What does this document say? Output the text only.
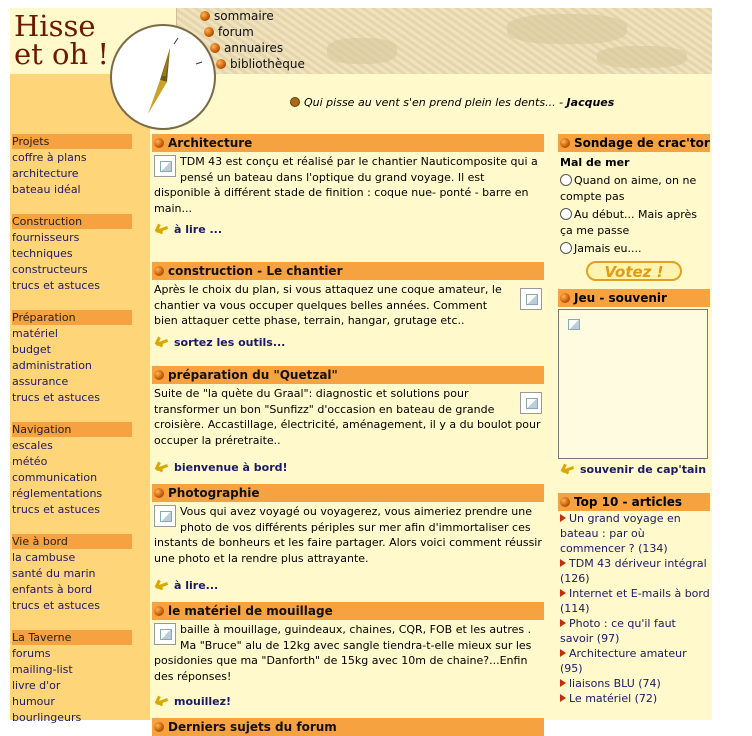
Projets
coffre à plans
architecture
bateau idéal
Construction
fournisseurs
techniques
constructeurs
trucs et astuces
Préparation
matériel
budget
administration
assurance
trucs et astuces
Navigation
escales
météo
communication
réglementations
trucs et astuces
Vie à bord
la cambuse
santé du marin
enfants à bord
trucs et astuces
La Taverne
forums
mailing-list
livre d'or
humour
bourlingeurs
Hisse
et oh !
sommaire
forum
annuaires
bibliothèque
Qui pisse au vent s'en prend plein les dents... - Jacques
Architecture
TDM 43 est conçu et réalisé par le chantier Nauticomposite qui a pensé un bateau dans l'optique du grand voyage. Il est disponible à différent stade de finition : coque nue- ponté - barre en main...
à lire ...
construction - Le chantier
Après le choix du plan, si vous attaquez une coque amateur, le chantier va vous occuper quelques belles années. Comment bien attaquer cette phase, terrain, hangar, grutage etc..
sortez les outils...
préparation du "Quetzal"
Suite de "la quète du Graal": diagnostic et solutions pour transformer un bon "Sunfizz" d'occasion en bateau de grande croisière. Accastillage, électricité, aménagement, il y a du boulot pour occuper la préretraite..
bienvenue à bord!
Photographie
Vous qui avez voyagé ou voyagerez, vous aimeriez prendre une photo de vos différents périples sur mer afin d'immortaliser ces instants de bonheurs et les faire partager. Alors voici comment réussir une photo et la rendre plus attrayante.
à lire...
le matériel de mouillage
baille à mouillage, guindeaux, chaines, CQR, FOB et les autres . Ma "Bruce" alu de 12kg avec sangle tiendra-t-elle mieux sur les posidonies que ma "Danforth" de 15kg avec 10m de chaine?...Enfin des réponses!
mouillez!
Derniers sujets du forum
Sondage de crac'tor
Mal de mer
Quand on aime, on ne compte pas
Au début... Mais après ça me passe
Jamais eu....
Votez !
Jeu - souvenir
souvenir de cap'tain
Top 10 - articles
Un grand voyage en bateau : par où commencer ? (134)
TDM 43 dériveur intégral (126)
Internet et E-mails à bord (114)
Photo : ce qu'il faut savoir (97)
Architecture amateur (95)
liaisons BLU (74)
Le matériel (72)
